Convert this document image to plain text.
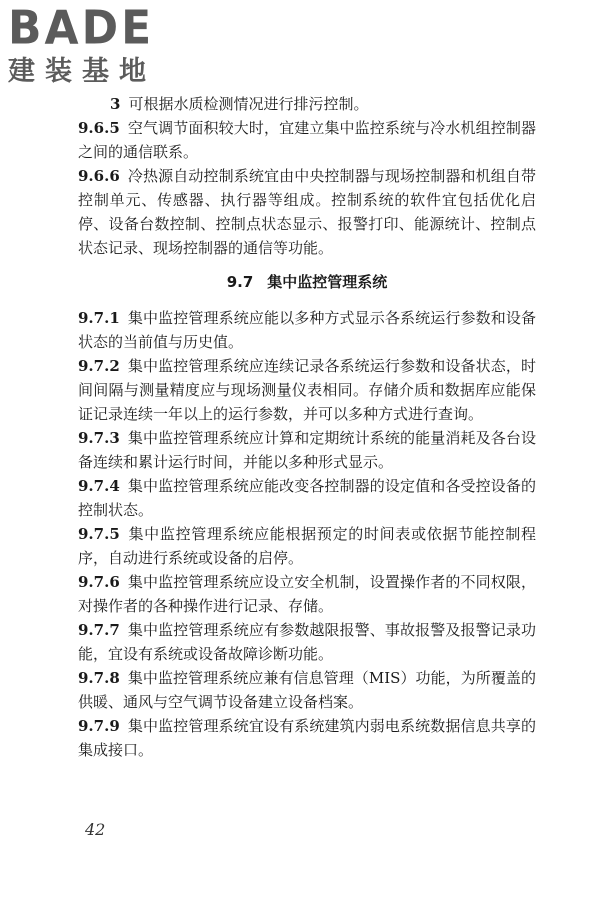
BADE
建装基地

3 可根据水质检测情况进行排污控制。

9.6.5 空气调节面积较大时，宜建立集中监控系统与冷水机组控制器之间的通信联系。

9.6.6 冷热源自动控制系统宜由中央控制器与现场控制器和机组自带控制单元、传感器、执行器等组成。控制系统的软件宜包括优化启停、设备台数控制、控制点状态显示、报警打印、能源统计、控制点状态记录、现场控制器的通信等功能。

9.7 集中监控管理系统

9.7.1 集中监控管理系统应能以多种方式显示各系统运行参数和设备状态的当前值与历史值。

9.7.2 集中监控管理系统应连续记录各系统运行参数和设备状态，时间间隔与测量精度应与现场测量仪表相同。存储介质和数据库应能保证记录连续一年以上的运行参数，并可以多种方式进行查询。

9.7.3 集中监控管理系统应计算和定期统计系统的能量消耗及各台设备连续和累计运行时间，并能以多种形式显示。

9.7.4 集中监控管理系统应能改变各控制器的设定值和各受控设备的控制状态。

9.7.5 集中监控管理系统应能根据预定的时间表或依据节能控制程序，自动进行系统或设备的启停。

9.7.6 集中监控管理系统应设立安全机制，设置操作者的不同权限，对操作者的各种操作进行记录、存储。

9.7.7 集中监控管理系统应有参数越限报警、事故报警及报警记录功能，宜设有系统或设备故障诊断功能。

9.7.8 集中监控管理系统应兼有信息管理（MIS）功能，为所覆盖的供暖、通风与空气调节设备建立设备档案。

9.7.9 集中监控管理系统宜设有系统建筑内弱电系统数据信息共享的集成接口。

42
